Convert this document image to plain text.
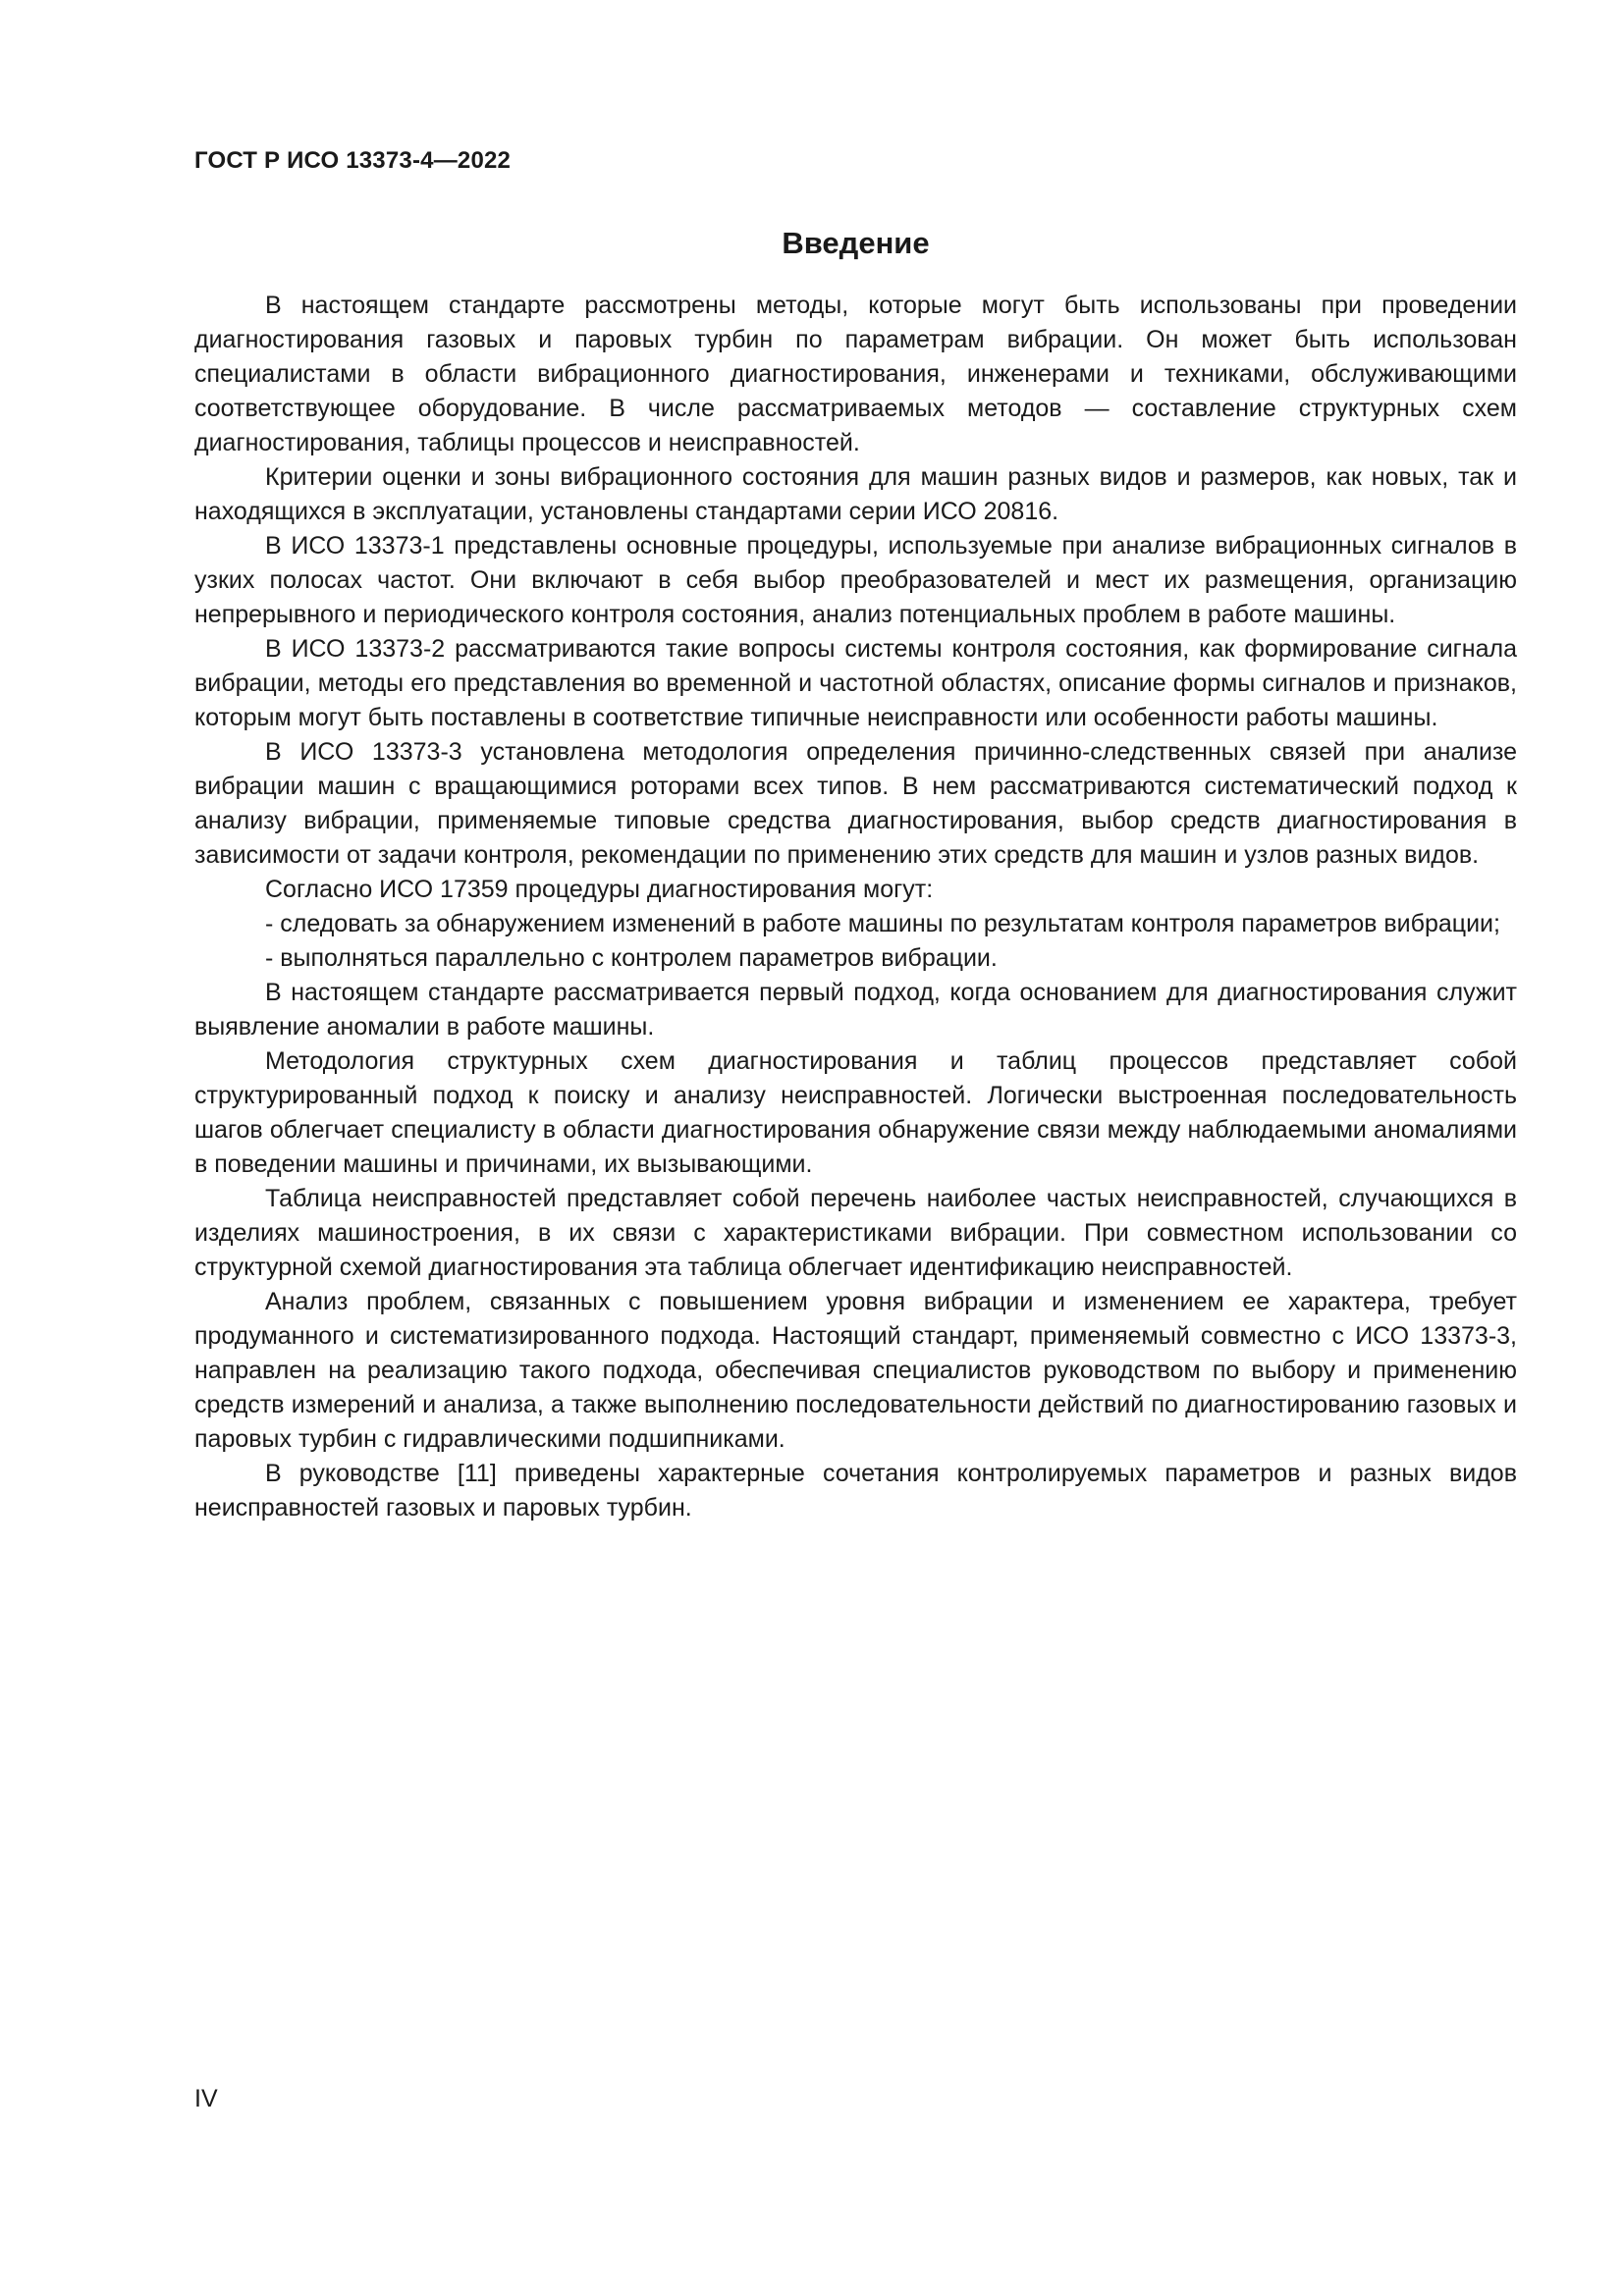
ГОСТ Р ИСО 13373-4—2022
Введение

В настоящем стандарте рассмотрены методы, которые могут быть использованы при проведении диагностирования газовых и паровых турбин по параметрам вибрации. Он может быть использован специалистами в области вибрационного диагностирования, инженерами и техниками, обслуживающими соответствующее оборудование. В числе рассматриваемых методов — составление структурных схем диагностирования, таблицы процессов и неисправностей.

Критерии оценки и зоны вибрационного состояния для машин разных видов и размеров, как новых, так и находящихся в эксплуатации, установлены стандартами серии ИСО 20816.

В ИСО 13373-1 представлены основные процедуры, используемые при анализе вибрационных сигналов в узких полосах частот. Они включают в себя выбор преобразователей и мест их размещения, организацию непрерывного и периодического контроля состояния, анализ потенциальных проблем в работе машины.

В ИСО 13373-2 рассматриваются такие вопросы системы контроля состояния, как формирование сигнала вибрации, методы его представления во временной и частотной областях, описание формы сигналов и признаков, которым могут быть поставлены в соответствие типичные неисправности или особенности работы машины.

В ИСО 13373-3 установлена методология определения причинно-следственных связей при анализе вибрации машин с вращающимися роторами всех типов. В нем рассматриваются систематический подход к анализу вибрации, применяемые типовые средства диагностирования, выбор средств диагностирования в зависимости от задачи контроля, рекомендации по применению этих средств для машин и узлов разных видов.

Согласно ИСО 17359 процедуры диагностирования могут:

- следовать за обнаружением изменений в работе машины по результатам контроля параметров вибрации;

- выполняться параллельно с контролем параметров вибрации.

В настоящем стандарте рассматривается первый подход, когда основанием для диагностирования служит выявление аномалии в работе машины.

Методология структурных схем диагностирования и таблиц процессов представляет собой структурированный подход к поиску и анализу неисправностей. Логически выстроенная последовательность шагов облегчает специалисту в области диагностирования обнаружение связи между наблюдаемыми аномалиями в поведении машины и причинами, их вызывающими.

Таблица неисправностей представляет собой перечень наиболее частых неисправностей, случающихся в изделиях машиностроения, в их связи с характеристиками вибрации. При совместном использовании со структурной схемой диагностирования эта таблица облегчает идентификацию неисправностей.

Анализ проблем, связанных с повышением уровня вибрации и изменением ее характера, требует продуманного и систематизированного подхода. Настоящий стандарт, применяемый совместно с ИСО 13373-3, направлен на реализацию такого подхода, обеспечивая специалистов руководством по выбору и применению средств измерений и анализа, а также выполнению последовательности действий по диагностированию газовых и паровых турбин с гидравлическими подшипниками.

В руководстве [11] приведены характерные сочетания контролируемых параметров и разных видов неисправностей газовых и паровых турбин.

IV
